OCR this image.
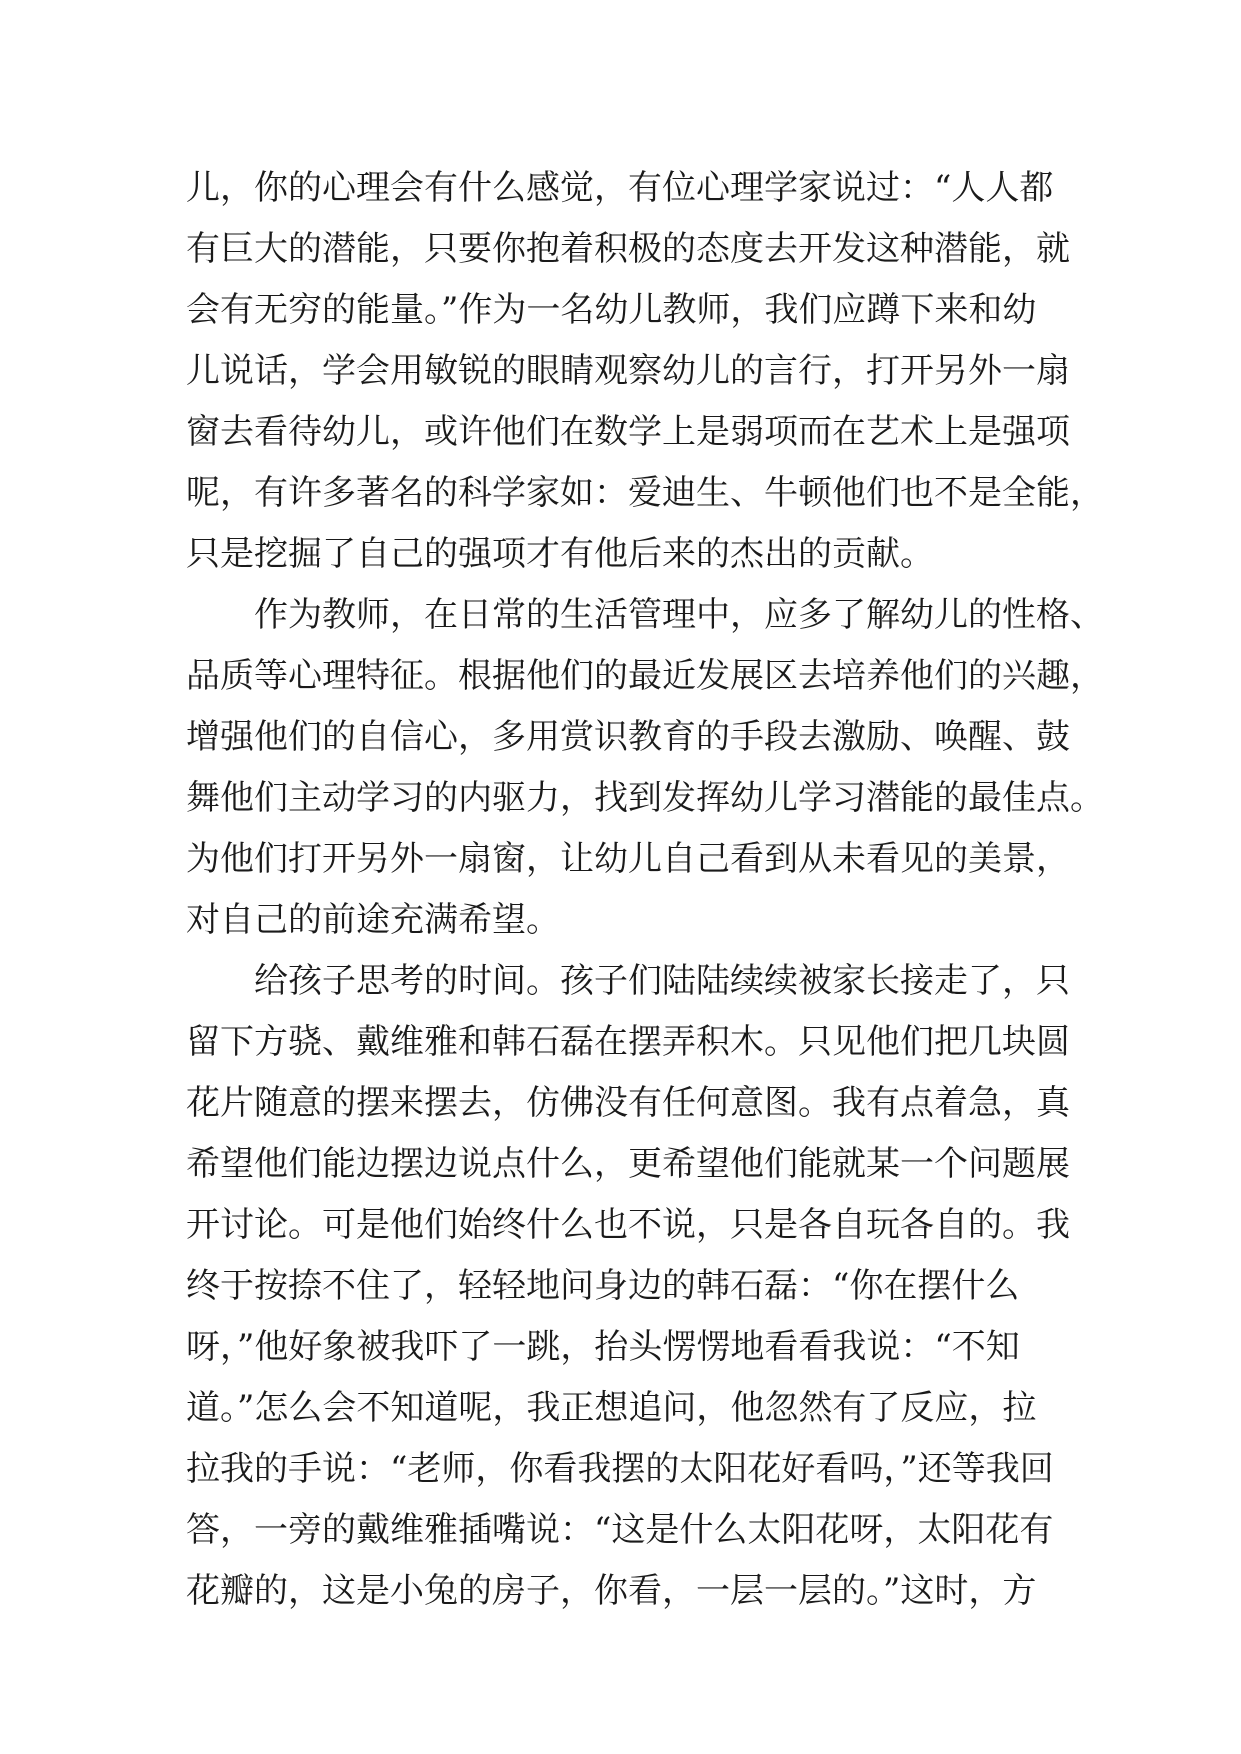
儿，你的心理会有什么感觉，有位心理学家说过：“人人都
有巨大的潜能，只要你抱着积极的态度去开发这种潜能，就
会有无穷的能量。”作为一名幼儿教师，我们应蹲下来和幼
儿说话，学会用敏锐的眼睛观察幼儿的言行，打开另外一扇
窗去看待幼儿，或许他们在数学上是弱项而在艺术上是强项
呢，有许多著名的科学家如：爱迪生、牛顿他们也不是全能，
只是挖掘了自己的强项才有他后来的杰出的贡献。
作为教师，在日常的生活管理中，应多了解幼儿的性格、
品质等心理特征。根据他们的最近发展区去培养他们的兴趣，
增强他们的自信心，多用赏识教育的手段去激励、唤醒、鼓
舞他们主动学习的内驱力，找到发挥幼儿学习潜能的最佳点。
为他们打开另外一扇窗，让幼儿自己看到从未看见的美景，
对自己的前途充满希望。
给孩子思考的时间。孩子们陆陆续续被家长接走了，只
留下方骁、戴维雅和韩石磊在摆弄积木。只见他们把几块圆
花片随意的摆来摆去，仿佛没有任何意图。我有点着急，真
希望他们能边摆边说点什么，更希望他们能就某一个问题展
开讨论。可是他们始终什么也不说，只是各自玩各自的。我
终于按捺不住了，轻轻地问身边的韩石磊：“你在摆什么
呀，”他好象被我吓了一跳，抬头愣愣地看看我说：“不知
道。”怎么会不知道呢，我正想追问，他忽然有了反应，拉
拉我的手说：“老师，你看我摆的太阳花好看吗，”还等我回
答，一旁的戴维雅插嘴说：“这是什么太阳花呀，太阳花有
花瓣的，这是小兔的房子，你看，一层一层的。”这时，方
